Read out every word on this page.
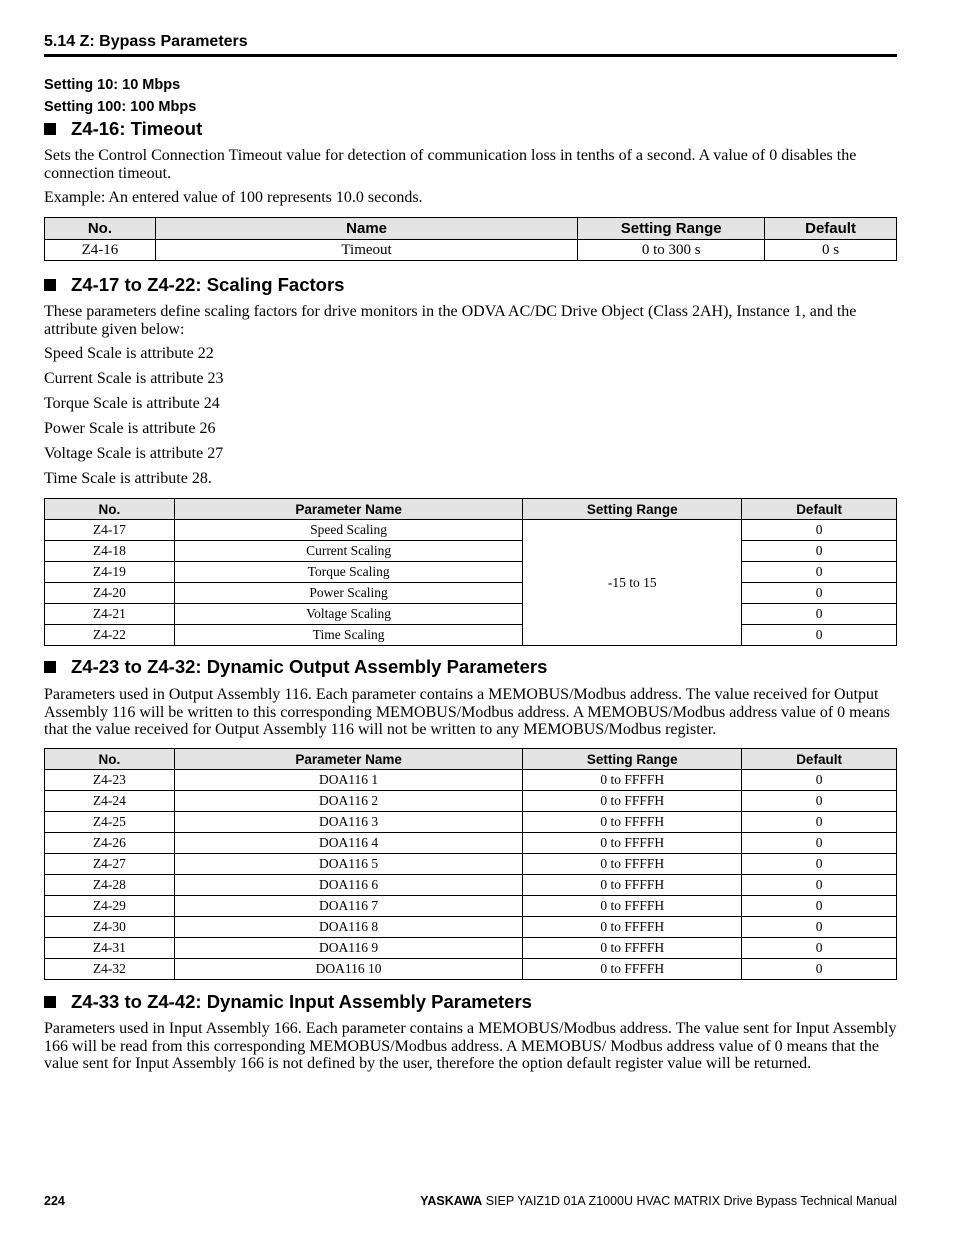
5.14 Z: Bypass Parameters
Setting 10: 10 Mbps
Setting 100: 100 Mbps
Z4-16: Timeout
Sets the Control Connection Timeout value for detection of communication loss in tenths of a second. A value of 0 disables the connection timeout.
Example: An entered value of 100 represents 10.0 seconds.
No.	Name	Setting Range	Default
Z4-16	Timeout	0 to 300 s	0 s
Z4-17 to Z4-22: Scaling Factors
These parameters define scaling factors for drive monitors in the ODVA AC/DC Drive Object (Class 2AH), Instance 1, and the attribute given below:
Speed Scale is attribute 22
Current Scale is attribute 23
Torque Scale is attribute 24
Power Scale is attribute 26
Voltage Scale is attribute 27
Time Scale is attribute 28.
No.	Parameter Name	Setting Range	Default
Z4-17	Speed Scaling	-15 to 15	0
Z4-18	Current Scaling		0
Z4-19	Torque Scaling		0
Z4-20	Power Scaling		0
Z4-21	Voltage Scaling		0
Z4-22	Time Scaling		0
Z4-23 to Z4-32: Dynamic Output Assembly Parameters
Parameters used in Output Assembly 116. Each parameter contains a MEMOBUS/Modbus address. The value received for Output Assembly 116 will be written to this corresponding MEMOBUS/Modbus address. A MEMOBUS/Modbus address value of 0 means that the value received for Output Assembly 116 will not be written to any MEMOBUS/Modbus register.
No.	Parameter Name	Setting Range	Default
Z4-23	DOA116 1	0 to FFFFH	0
Z4-24	DOA116 2	0 to FFFFH	0
Z4-25	DOA116 3	0 to FFFFH	0
Z4-26	DOA116 4	0 to FFFFH	0
Z4-27	DOA116 5	0 to FFFFH	0
Z4-28	DOA116 6	0 to FFFFH	0
Z4-29	DOA116 7	0 to FFFFH	0
Z4-30	DOA116 8	0 to FFFFH	0
Z4-31	DOA116 9	0 to FFFFH	0
Z4-32	DOA116 10	0 to FFFFH	0
Z4-33 to Z4-42: Dynamic Input Assembly Parameters
Parameters used in Input Assembly 166. Each parameter contains a MEMOBUS/Modbus address. The value sent for Input Assembly 166 will be read from this corresponding MEMOBUS/Modbus address. A MEMOBUS/ Modbus address value of 0 means that the value sent for Input Assembly 166 is not defined by the user, therefore the option default register value will be returned.
224	YASKAWA SIEP YAIZ1D 01A Z1000U HVAC MATRIX Drive Bypass Technical Manual
